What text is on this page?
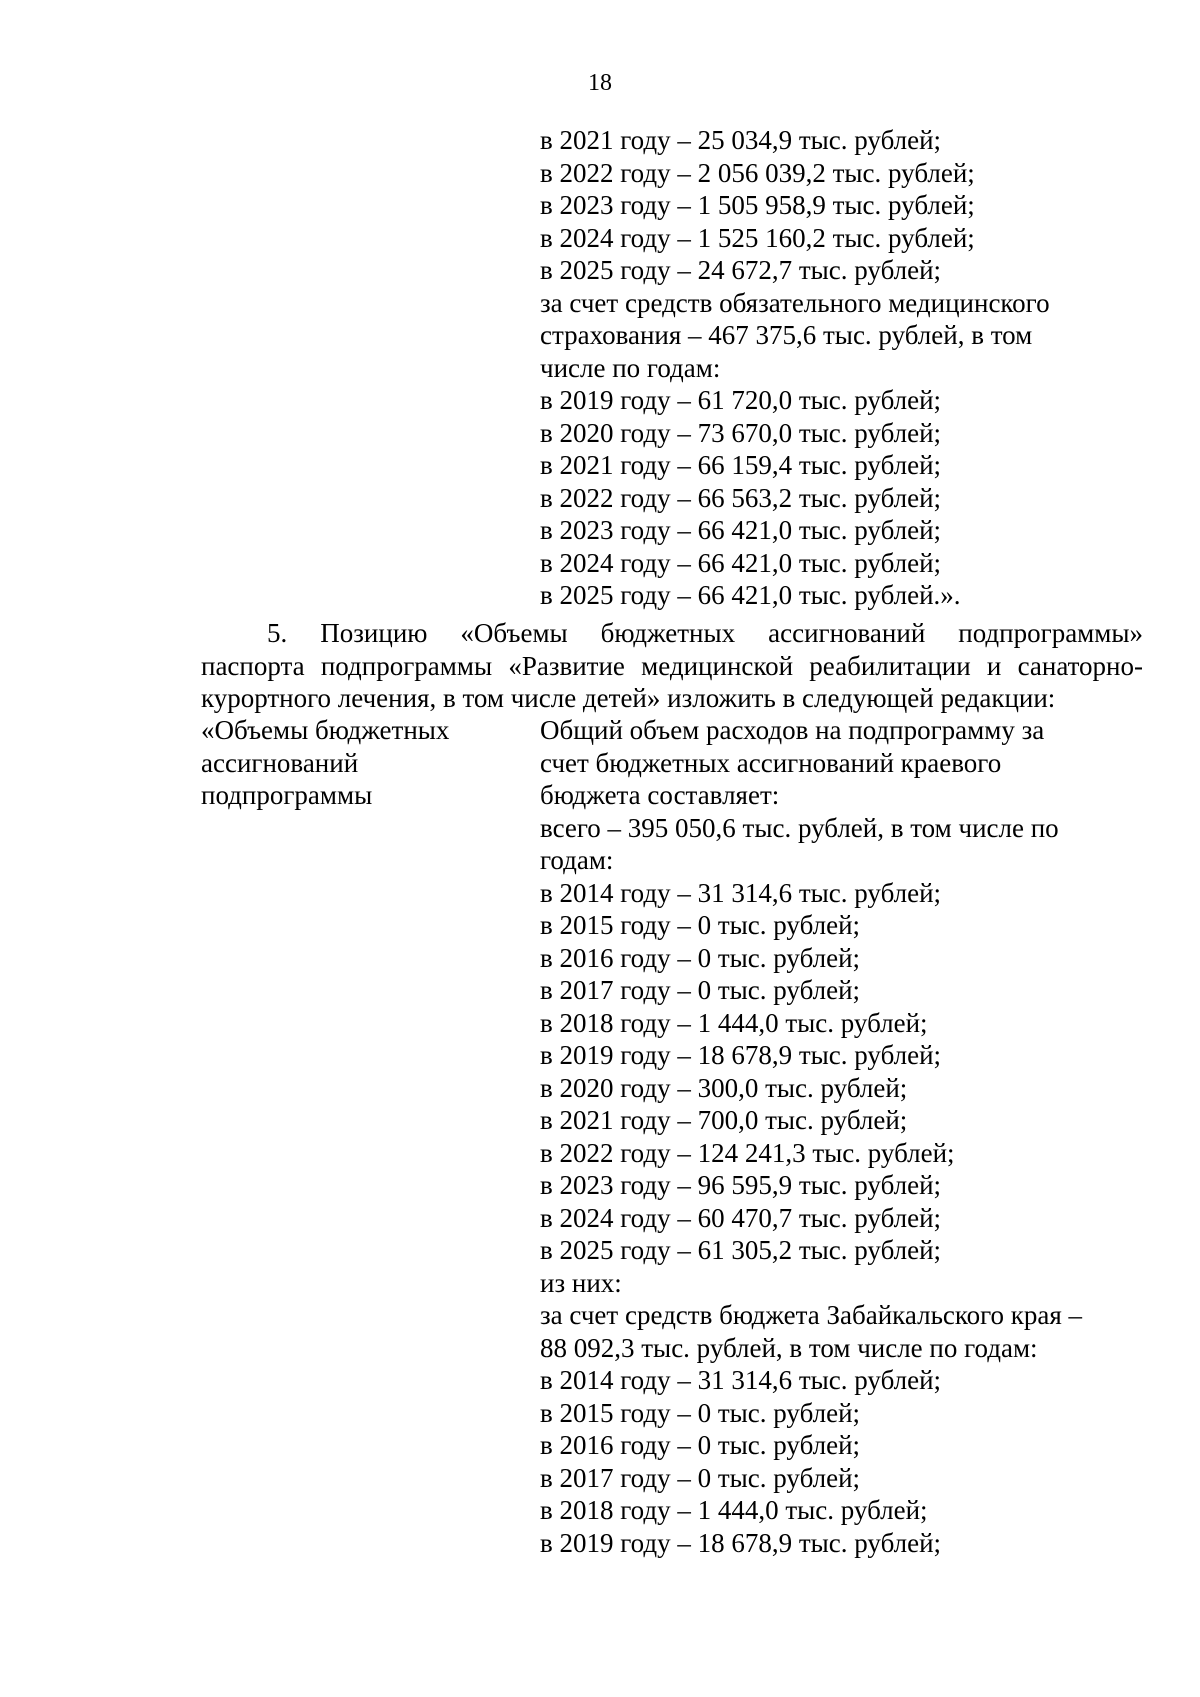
18
в 2021 году – 25 034,9 тыс. рублей;
в 2022 году – 2 056 039,2 тыс. рублей;
в 2023 году – 1 505 958,9 тыс. рублей;
в 2024 году – 1 525 160,2 тыс. рублей;
в 2025 году – 24 672,7 тыс. рублей;
за счет средств обязательного медицинского
страхования – 467 375,6 тыс. рублей, в том
числе по годам:
в 2019 году – 61 720,0 тыс. рублей;
в 2020 году – 73 670,0 тыс. рублей;
в 2021 году – 66 159,4 тыс. рублей;
в 2022 году – 66 563,2 тыс. рублей;
в 2023 году – 66 421,0 тыс. рублей;
в 2024 году – 66 421,0 тыс. рублей;
в 2025 году – 66 421,0 тыс. рублей.».
5. Позицию «Объемы бюджетных ассигнований подпрограммы»
паспорта подпрограммы «Развитие медицинской реабилитации и санаторно-
курортного лечения, в том числе детей» изложить в следующей редакции:
«Объемы бюджетных
ассигнований
подпрограммы
Общий объем расходов на подпрограмму за
счет бюджетных ассигнований краевого
бюджета составляет:
всего – 395 050,6 тыс. рублей, в том числе по
годам:
в 2014 году – 31 314,6 тыс. рублей;
в 2015 году – 0 тыс. рублей;
в 2016 году – 0 тыс. рублей;
в 2017 году – 0 тыс. рублей;
в 2018 году – 1 444,0 тыс. рублей;
в 2019 году – 18 678,9 тыс. рублей;
в 2020 году – 300,0 тыс. рублей;
в 2021 году – 700,0 тыс. рублей;
в 2022 году – 124 241,3 тыс. рублей;
в 2023 году – 96 595,9 тыс. рублей;
в 2024 году – 60 470,7 тыс. рублей;
в 2025 году – 61 305,2 тыс. рублей;
из них:
за счет средств бюджета Забайкальского края –
88 092,3 тыс. рублей, в том числе по годам:
в 2014 году – 31 314,6 тыс. рублей;
в 2015 году – 0 тыс. рублей;
в 2016 году – 0 тыс. рублей;
в 2017 году – 0 тыс. рублей;
в 2018 году – 1 444,0 тыс. рублей;
в 2019 году – 18 678,9 тыс. рублей;
